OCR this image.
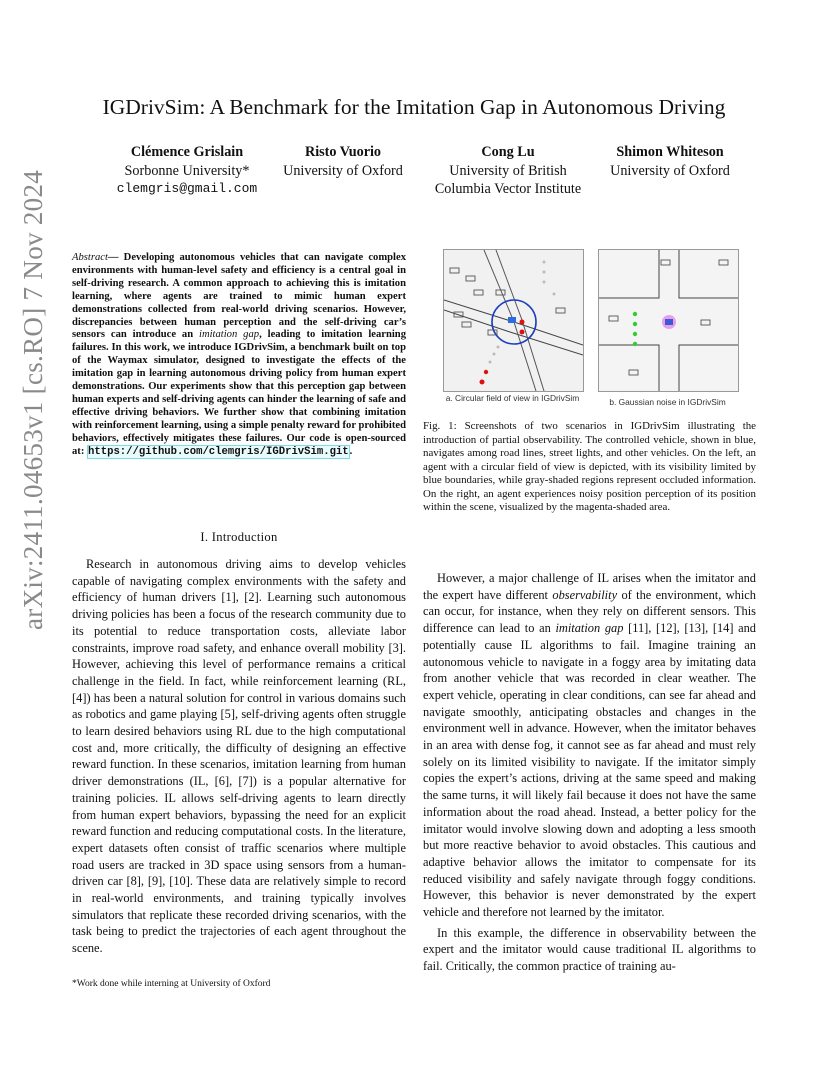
arXiv:2411.04653v1 [cs.RO] 7 Nov 2024
IGDrivSim: A Benchmark for the Imitation Gap in Autonomous Driving
Clémence Grislain
Sorbonne University*
clemgris@gmail.com
Risto Vuorio
University of Oxford
Cong Lu
University of British
Columbia Vector Institute
Shimon Whiteson
University of Oxford
Abstract— Developing autonomous vehicles that can navigate complex environments with human-level safety and efficiency is a central goal in self-driving research. A common approach to achieving this is imitation learning, where agents are trained to mimic human expert demonstrations collected from real-world driving scenarios. However, discrepancies between human perception and the self-driving car’s sensors can introduce an imitation gap, leading to imitation learning failures. In this work, we introduce IGDrivSim, a benchmark built on top of the Waymax simulator, designed to investigate the effects of the imitation gap in learning autonomous driving policy from human expert demonstrations. Our experiments show that this perception gap between human experts and self-driving agents can hinder the learning of safe and effective driving behaviors. We further show that combining imitation with reinforcement learning, using a simple penalty reward for prohibited behaviors, effectively mitigates these failures. Our code is open-sourced at: https://github.com/clemgris/IGDrivSim.git.
I. Introduction
Research in autonomous driving aims to develop vehicles capable of navigating complex environments with the safety and efficiency of human drivers [1], [2]. Learning such autonomous driving policies has been a focus of the research community due to its potential to reduce transportation costs, alleviate labor constraints, improve road safety, and enhance overall mobility [3]. However, achieving this level of performance remains a critical challenge in the field. In fact, while reinforcement learning (RL, [4]) has been a natural solution for control in various domains such as robotics and game playing [5], self-driving agents often struggle to learn desired behaviors using RL due to the high computational cost and, more critically, the difficulty of designing an effective reward function. In these scenarios, imitation learning from human driver demonstrations (IL, [6], [7]) is a popular alternative for training policies. IL allows self-driving agents to learn directly from human expert behaviors, bypassing the need for an explicit reward function and reducing computational costs. In the literature, expert datasets often consist of traffic scenarios where multiple road users are tracked in 3D space using sensors from a human-driven car [8], [9], [10]. These data are relatively simple to record in real-world environments, and training typically involves simulators that replicate these recorded driving scenarios, with the task being to predict the trajectories of each agent throughout the scene.
*Work done while interning at University of Oxford
a. Circular field of view in IGDrivSim	b. Gaussian noise in IGDrivSim
Fig. 1: Screenshots of two scenarios in IGDrivSim illustrating the introduction of partial observability. The controlled vehicle, shown in blue, navigates among road lines, street lights, and other vehicles. On the left, an agent with a circular field of view is depicted, with its visibility limited by blue boundaries, while gray-shaded regions represent occluded information. On the right, an agent experiences noisy position perception of its position within the scene, visualized by the magenta-shaded area.
However, a major challenge of IL arises when the imitator and the expert have different observability of the environment, which can occur, for instance, when they rely on different sensors. This difference can lead to an imitation gap [11], [12], [13], [14] and potentially cause IL algorithms to fail. Imagine training an autonomous vehicle to navigate in a foggy area by imitating data from another vehicle that was recorded in clear weather. The expert vehicle, operating in clear conditions, can see far ahead and navigate smoothly, anticipating obstacles and changes in the environment well in advance. However, when the imitator behaves in an area with dense fog, it cannot see as far ahead and must rely solely on its limited visibility to navigate. If the imitator simply copies the expert’s actions, driving at the same speed and making the same turns, it will likely fail because it does not have the same information about the road ahead. Instead, a better policy for the imitator would involve slowing down and adopting a less smooth but more reactive behavior to avoid obstacles. This cautious and adaptive behavior allows the imitator to compensate for its reduced visibility and safely navigate through foggy conditions. However, this behavior is never demonstrated by the expert vehicle and therefore not learned by the imitator.
In this example, the difference in observability between the expert and the imitator would cause traditional IL algorithms to fail. Critically, the common practice of training au-
